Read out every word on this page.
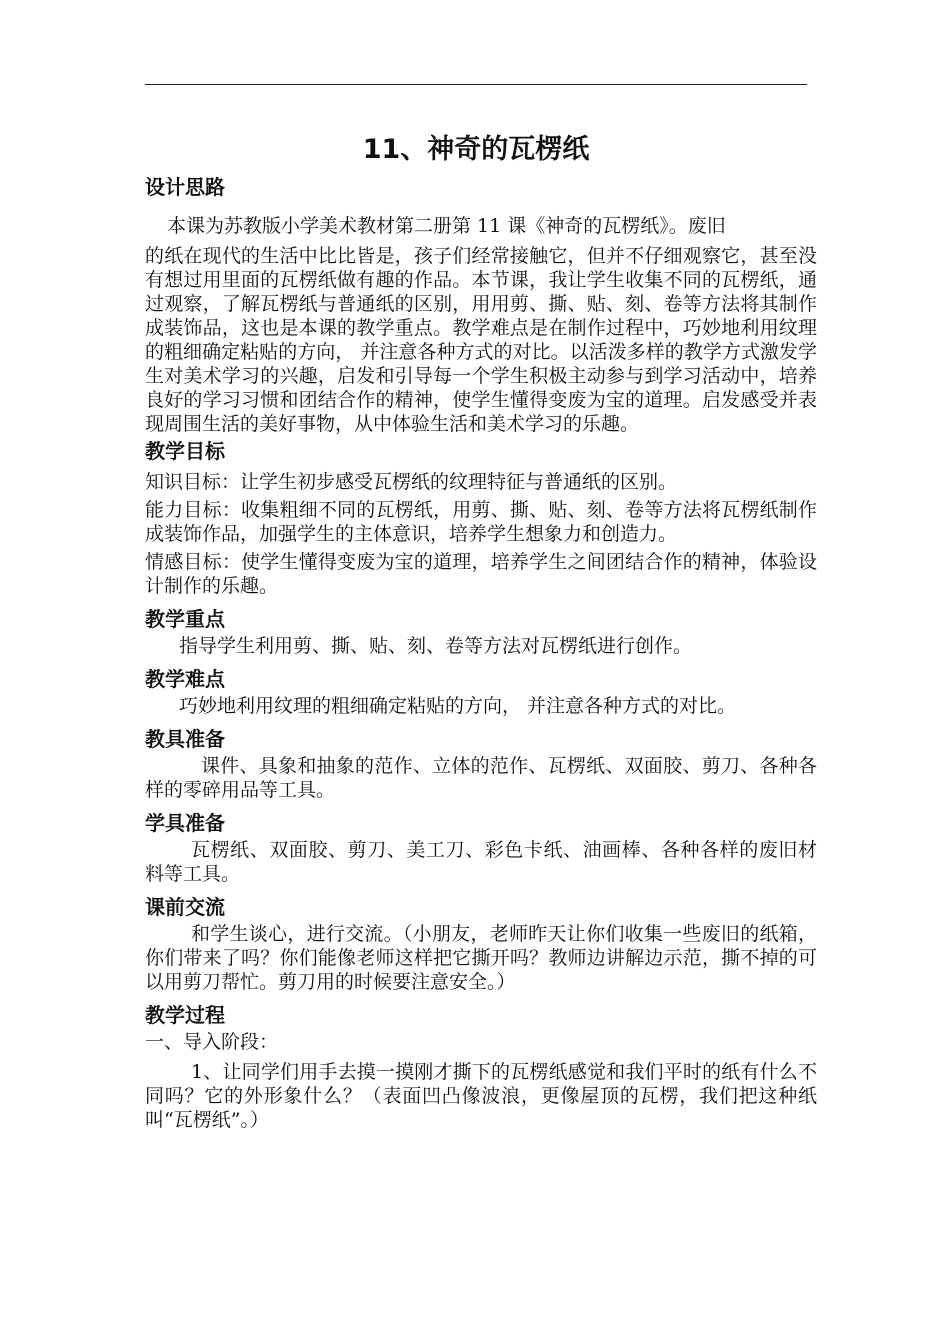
11、神奇的瓦楞纸
设计思路

本课为苏教版小学美术教材第二册第 11 课《神奇的瓦楞纸》。废旧

的纸在现代的生活中比比皆是，孩子们经常接触它，但并不仔细观察它，甚至没有想过用里面的瓦楞纸做有趣的作品。本节课，我让学生收集不同的瓦楞纸，通过观察，了解瓦楞纸与普通纸的区别，用用剪、撕、贴、刻、卷等方法将其制作成装饰品，这也是本课的教学重点。教学难点是在制作过程中，巧妙地利用纹理的粗细确定粘贴的方向， 并注意各种方式的对比。以活泼多样的教学方式激发学生对美术学习的兴趣，启发和引导每一个学生积极主动参与到学习活动中，培养良好的学习习惯和团结合作的精神，使学生懂得变废为宝的道理。启发感受并表现周围生活的美好事物，从中体验生活和美术学习的乐趣。

教学目标

知识目标：让学生初步感受瓦楞纸的纹理特征与普通纸的区别。

能力目标：收集粗细不同的瓦楞纸，用剪、撕、贴、刻、卷等方法将瓦楞纸制作成装饰作品，加强学生的主体意识，培养学生想象力和创造力。

情感目标：使学生懂得变废为宝的道理，培养学生之间团结合作的精神，体验设计制作的乐趣。

教学重点

指导学生利用剪、撕、贴、刻、卷等方法对瓦楞纸进行创作。

教学难点

巧妙地利用纹理的粗细确定粘贴的方向， 并注意各种方式的对比。

教具准备

课件、具象和抽象的范作、立体的范作、瓦楞纸、双面胶、剪刀、各种各样的零碎用品等工具。

学具准备

瓦楞纸、双面胶、剪刀、美工刀、彩色卡纸、油画棒、各种各样的废旧材料等工具。

课前交流

和学生谈心，进行交流。（小朋友，老师昨天让你们收集一些废旧的纸箱，你们带来了吗？你们能像老师这样把它撕开吗？教师边讲解边示范，撕不掉的可以用剪刀帮忙。剪刀用的时候要注意安全。）

教学过程

一、导入阶段：

1、让同学们用手去摸一摸刚才撕下的瓦楞纸感觉和我们平时的纸有什么不同吗？它的外形象什么？（表面凹凸像波浪，更像屋顶的瓦楞，我们把这种纸叫“瓦楞纸”。）
